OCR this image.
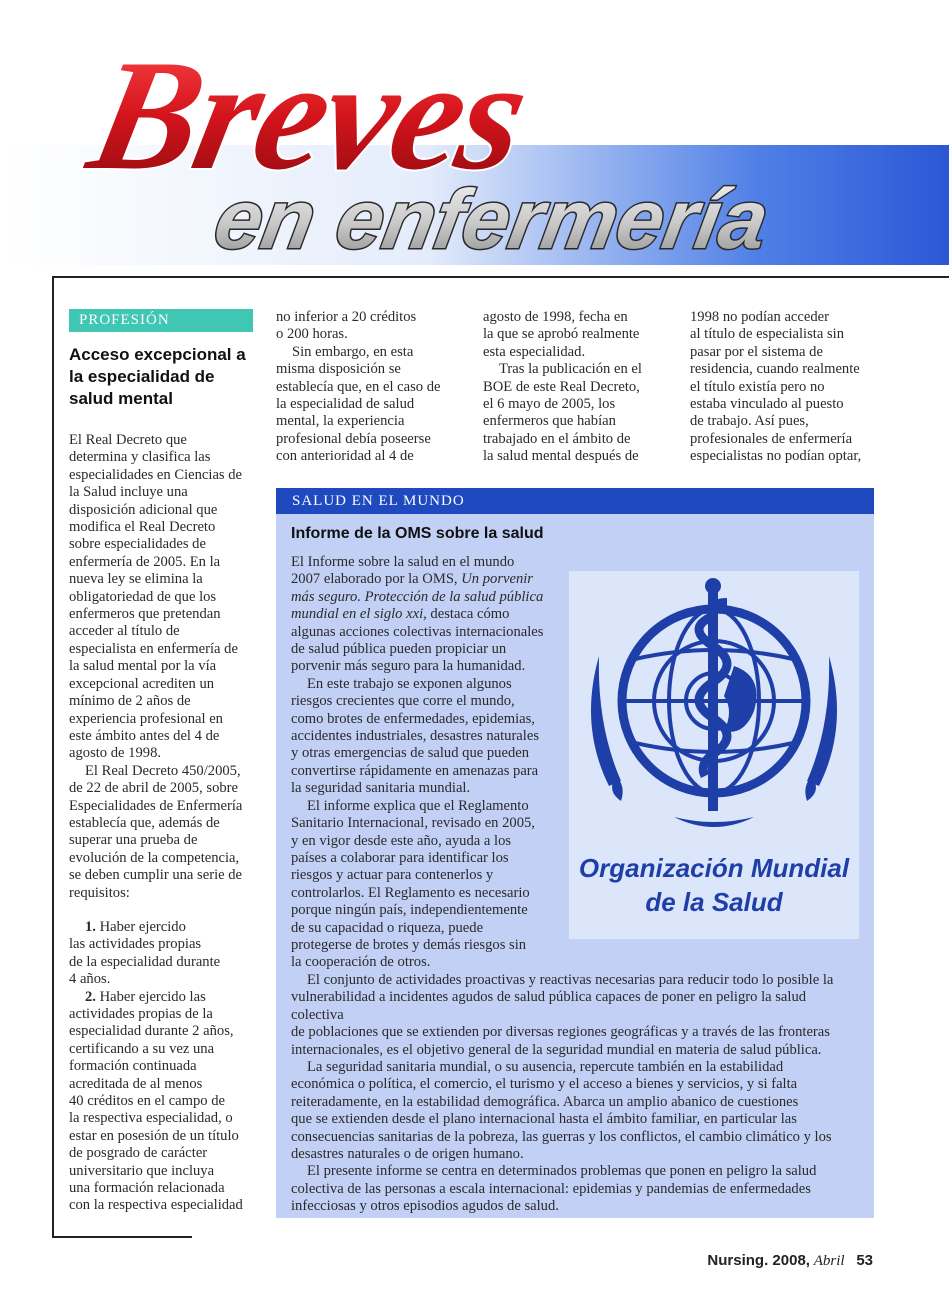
Breves
en enfermería
PROFESIÓN
Acceso excepcional a la especialidad de salud mental
El Real Decreto que
determina y clasifica las
especialidades en Ciencias de
la Salud incluye una
disposición adicional que
modifica el Real Decreto
sobre especialidades de
enfermería de 2005. En la
nueva ley se elimina la
obligatoriedad de que los
enfermeros que pretendan
acceder al título de
especialista en enfermería de
la salud mental por la vía
excepcional acrediten un
mínimo de 2 años de
experiencia profesional en
este ámbito antes del 4 de
agosto de 1998.
El Real Decreto 450/2005,
de 22 de abril de 2005, sobre
Especialidades de Enfermería
establecía que, además de
superar una prueba de
evolución de la competencia,
se deben cumplir una serie de
requisitos:
1. Haber ejercido
las actividades propias
de la especialidad durante
4 años.
2. Haber ejercido las
actividades propias de la
especialidad durante 2 años,
certificando a su vez una
formación continuada
acreditada de al menos
40 créditos en el campo de
la respectiva especialidad, o
estar en posesión de un título
de posgrado de carácter
universitario que incluya
una formación relacionada
con la respectiva especialidad
no inferior a 20 créditos
o 200 horas.
Sin embargo, en esta
misma disposición se
establecía que, en el caso de
la especialidad de salud
mental, la experiencia
profesional debía poseerse
con anterioridad al 4 de
agosto de 1998, fecha en
la que se aprobó realmente
esta especialidad.
Tras la publicación en el
BOE de este Real Decreto,
el 6 mayo de 2005, los
enfermeros que habían
trabajado en el ámbito de
la salud mental después de
1998 no podían acceder
al título de especialista sin
pasar por el sistema de
residencia, cuando realmente
el título existía pero no
estaba vinculado al puesto
de trabajo. Así pues,
profesionales de enfermería
especialistas no podían optar,
SALUD EN EL MUNDO
Informe de la OMS sobre la salud
El Informe sobre la salud en el mundo
2007 elaborado por la OMS, Un porvenir
más seguro. Protección de la salud pública
mundial en el siglo xxi, destaca cómo
algunas acciones colectivas internacionales
de salud pública pueden propiciar un
porvenir más seguro para la humanidad.
En este trabajo se exponen algunos
riesgos crecientes que corre el mundo,
como brotes de enfermedades, epidemias,
accidentes industriales, desastres naturales
y otras emergencias de salud que pueden
convertirse rápidamente en amenazas para
la seguridad sanitaria mundial.
El informe explica que el Reglamento
Sanitario Internacional, revisado en 2005,
y en vigor desde este año, ayuda a los
países a colaborar para identificar los
riesgos y actuar para contenerlos y
controlarlos. El Reglamento es necesario
porque ningún país, independientemente
de su capacidad o riqueza, puede
protegerse de brotes y demás riesgos sin
la cooperación de otros.
El conjunto de actividades proactivas y reactivas necesarias para reducir todo lo posible la
vulnerabilidad a incidentes agudos de salud pública capaces de poner en peligro la salud colectiva
de poblaciones que se extienden por diversas regiones geográficas y a través de las fronteras
internacionales, es el objetivo general de la seguridad mundial en materia de salud pública.
La seguridad sanitaria mundial, o su ausencia, repercute también en la estabilidad
económica o política, el comercio, el turismo y el acceso a bienes y servicios, y si falta
reiteradamente, en la estabilidad demográfica. Abarca un amplio abanico de cuestiones
que se extienden desde el plano internacional hasta el ámbito familiar, en particular las
consecuencias sanitarias de la pobreza, las guerras y los conflictos, el cambio climático y los
desastres naturales o de origen humano.
El presente informe se centra en determinados problemas que ponen en peligro la salud
colectiva de las personas a escala internacional: epidemias y pandemias de enfermedades
infecciosas y otros episodios agudos de salud.
Organización Mundial
de la Salud
Nursing. 2008, Abril 53
